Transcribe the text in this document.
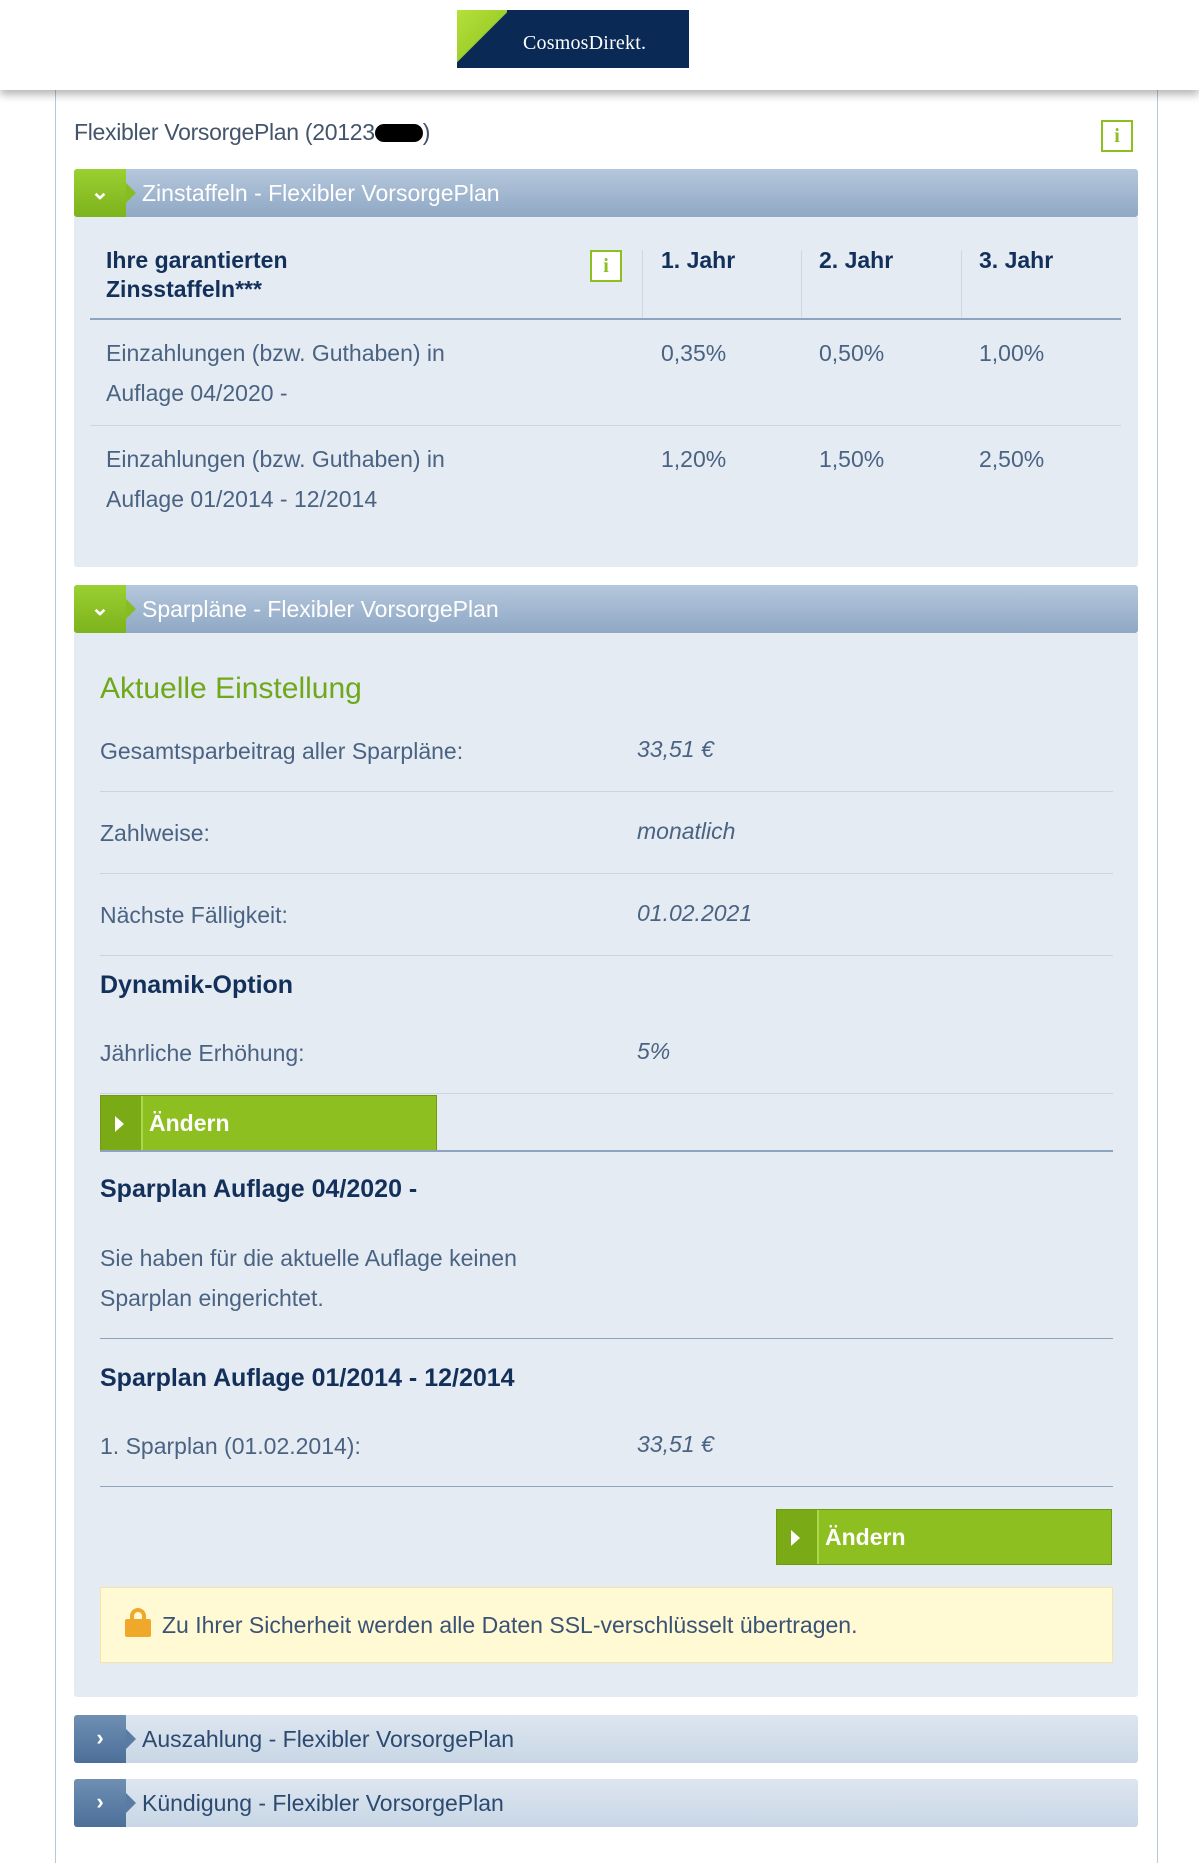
CosmosDirekt.
Flexibler VorsorgePlan (20123 )	i
⌄ Zinstaffeln - Flexibler VorsorgePlan
Ihre garantierten
Zinsstaffeln***
i	1. Jahr	2. Jahr	3. Jahr
Einzahlungen (bzw. Guthaben) in
Auflage 04/2020 -
0,35%	0,50%	1,00%
Einzahlungen (bzw. Guthaben) in
Auflage 01/2014 - 12/2014
1,20%	1,50%	2,50%
⌄ Sparpläne - Flexibler VorsorgePlan
Aktuelle Einstellung
Gesamtsparbeitrag aller Sparpläne:	33,51 €
Zahlweise:	monatlich
Nächste Fälligkeit:	01.02.2021
Dynamik-Option
Jährliche Erhöhung:	5%
Ändern
Sparplan Auflage 04/2020 -
Sie haben für die aktuelle Auflage keinen
Sparplan eingerichtet.
Sparplan Auflage 01/2014 - 12/2014
1. Sparplan (01.02.2014):	33,51 €
Ändern
Zu Ihrer Sicherheit werden alle Daten SSL-verschlüsselt übertragen.
›	Auszahlung - Flexibler VorsorgePlan
›	Kündigung - Flexibler VorsorgePlan
